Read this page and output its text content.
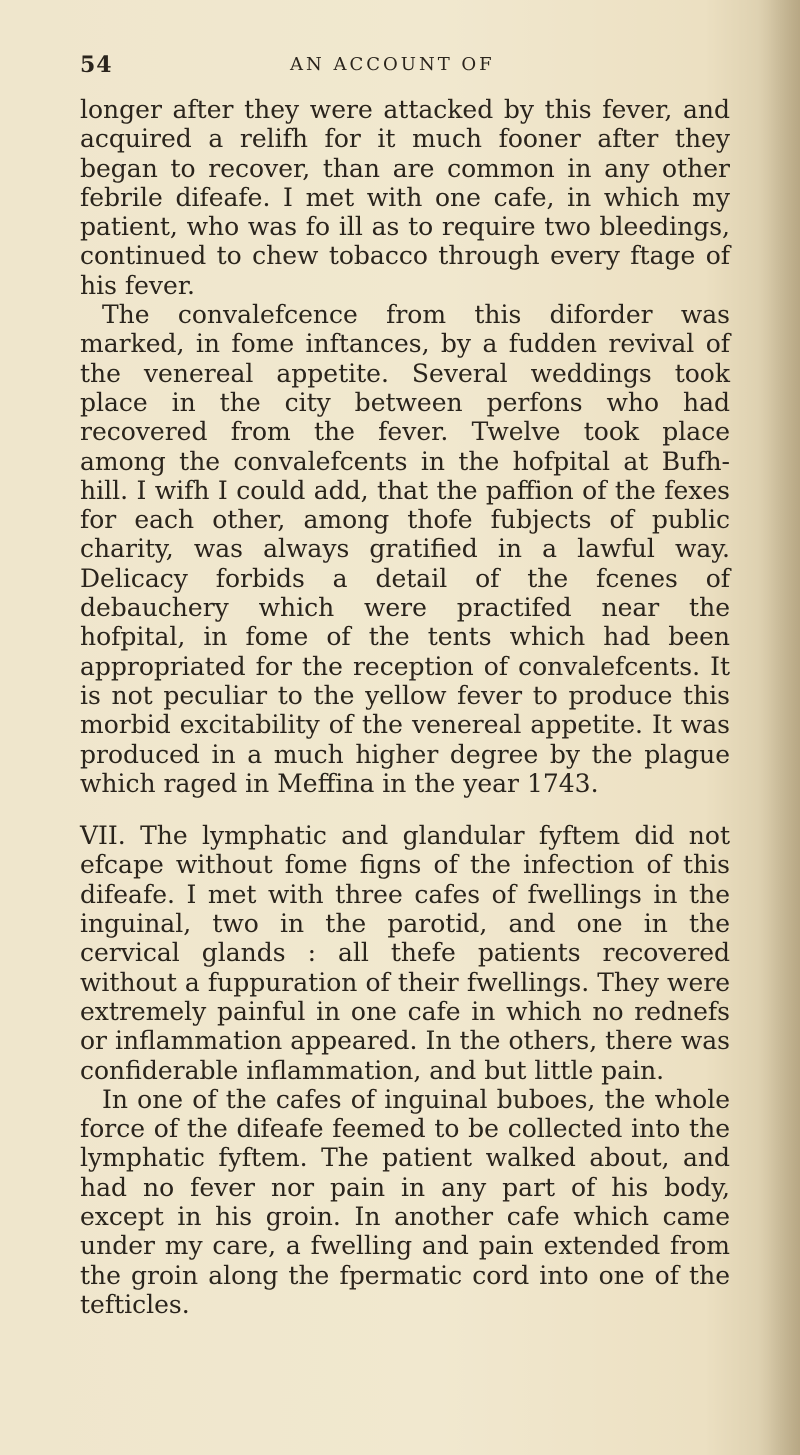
54	AN ACCOUNT OF

longer after they were attacked by this fever, and acquired a relifh for it much fooner after they began to recover, than are common in any other febrile difeafe. I met with one cafe, in which my patient, who was fo ill as to require two bleedings, continued to chew tobacco through every ftage of his fever.

The convalefcence from this diforder was marked, in fome inftances, by a fudden revival of the venereal appetite. Several weddings took place in the city between perfons who had recovered from the fever. Twelve took place among the convalefcents in the hofpital at Bufh-hill. I wifh I could add, that the paffion of the fexes for each other, among thofe fubjects of public charity, was always gratified in a lawful way. Delicacy forbids a detail of the fcenes of debauchery which were practifed near the hofpital, in fome of the tents which had been appropriated for the reception of convalefcents. It is not peculiar to the yellow fever to produce this morbid excitability of the venereal appetite. It was produced in a much higher degree by the plague which raged in Meffina in the year 1743.

VII. The lymphatic and glandular fyftem did not efcape without fome figns of the infection of this difeafe. I met with three cafes of fwellings in the inguinal, two in the parotid, and one in the cervical glands : all thefe patients recovered without a fuppuration of their fwellings. They were extremely painful in one cafe in which no rednefs or inflammation appeared. In the others, there was confiderable inflammation, and but little pain.

In one of the cafes of inguinal buboes, the whole force of the difeafe feemed to be collected into the lymphatic fyftem. The patient walked about, and had no fever nor pain in any part of his body, except in his groin. In another cafe which came under my care, a fwelling and pain extended from the groin along the fpermatic cord into one of the tefticles.
